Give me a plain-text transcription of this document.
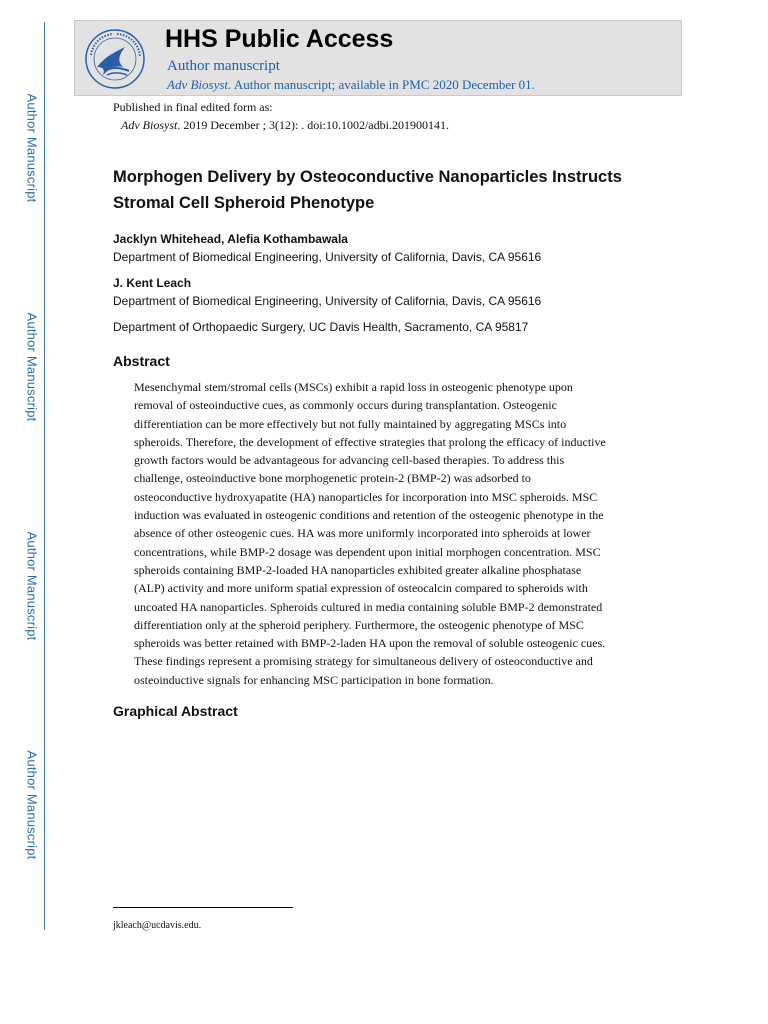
Author Manuscript
Author Manuscript
Author Manuscript
Author Manuscript
HHS Public Access
Author manuscript
Adv Biosyst. Author manuscript; available in PMC 2020 December 01.
Published in final edited form as:
Adv Biosyst. 2019 December ; 3(12): . doi:10.1002/adbi.201900141.
Morphogen Delivery by Osteoconductive Nanoparticles Instructs Stromal Cell Spheroid Phenotype
Jacklyn Whitehead, Alefia Kothambawala
Department of Biomedical Engineering, University of California, Davis, CA 95616
J. Kent Leach
Department of Biomedical Engineering, University of California, Davis, CA 95616
Department of Orthopaedic Surgery, UC Davis Health, Sacramento, CA 95817
Abstract
Mesenchymal stem/stromal cells (MSCs) exhibit a rapid loss in osteogenic phenotype upon
removal of osteoinductive cues, as commonly occurs during transplantation. Osteogenic
differentiation can be more effectively but not fully maintained by aggregating MSCs into
spheroids. Therefore, the development of effective strategies that prolong the efficacy of inductive
growth factors would be advantageous for advancing cell-based therapies. To address this
challenge, osteoinductive bone morphogenetic protein-2 (BMP-2) was adsorbed to
osteoconductive hydroxyapatite (HA) nanoparticles for incorporation into MSC spheroids. MSC
induction was evaluated in osteogenic conditions and retention of the osteogenic phenotype in the
absence of other osteogenic cues. HA was more uniformly incorporated into spheroids at lower
concentrations, while BMP-2 dosage was dependent upon initial morphogen concentration. MSC
spheroids containing BMP-2-loaded HA nanoparticles exhibited greater alkaline phosphatase
(ALP) activity and more uniform spatial expression of osteocalcin compared to spheroids with
uncoated HA nanoparticles. Spheroids cultured in media containing soluble BMP-2 demonstrated
differentiation only at the spheroid periphery. Furthermore, the osteogenic phenotype of MSC
spheroids was better retained with BMP-2-laden HA upon the removal of soluble osteogenic cues.
These findings represent a promising strategy for simultaneous delivery of osteoconductive and
osteoinductive signals for enhancing MSC participation in bone formation.
Graphical Abstract
jkleach@ucdavis.edu.
